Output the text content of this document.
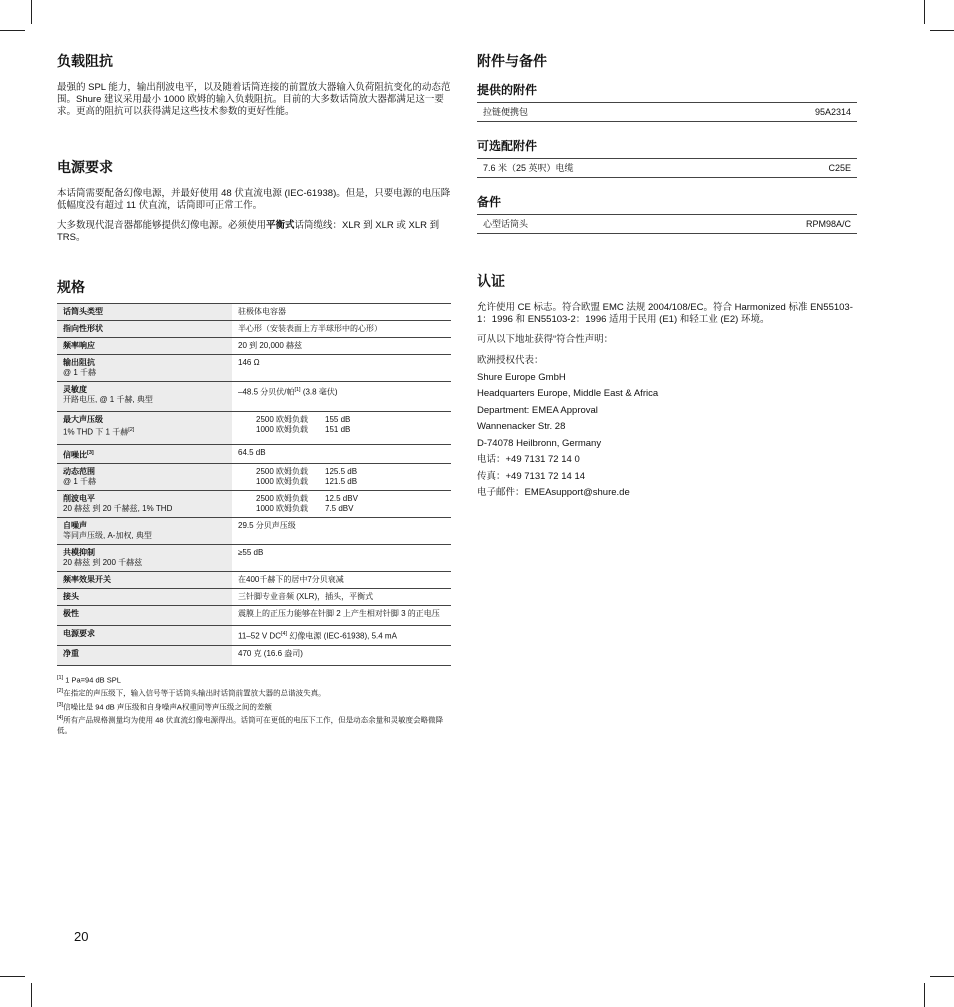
负载阻抗

最强的 SPL 能力，输出削波电平，以及随着话筒连接的前置放大器输入负荷阻抗变化的动态范围。Shure 建议采用最小 1000 欧姆的输入负载阻抗。目前的大多数话筒放大器都满足这一要求。更高的阻抗可以获得满足这些技术参数的更好性能。

电源要求

本话筒需要配备幻像电源，并最好使用 48 伏直流电源 (IEC-61938)。但是，只要电源的电压降低幅度没有超过 11 伏直流，话筒即可正常工作。

大多数现代混音器都能够提供幻像电源。必须使用平衡式话筒缆线：XLR 到 XLR 或 XLR 到 TRS。

规格
话筒头类型	驻极体电容器

指向性形状	半心形（安装表面上方半球形中的心形）

频率响应	20 到 20,000 赫兹

输出阻抗
@ 1 千赫	146 Ω

灵敏度
开路电压, @ 1 千赫, 典型	–48.5 分贝伏/帕[1] (3.8 毫伏)

最大声压级
1% THD 下 1 千赫[2]	2500 欧姆负载 155 dB
1000 欧姆负载 151 dB

信噪比[3]	64.5 dB

动态范围
@ 1 千赫	2500 欧姆负载 125.5 dB
1000 欧姆负载 121.5 dB

削波电平
20 赫兹 到 20 千赫兹, 1% THD	2500 欧姆负载 12.5 dBV
1000 欧姆负载 7.5 dBV

自噪声
等同声压级, A-加权, 典型	29.5 分贝声压级

共模抑制
20 赫兹 到 200 千赫兹	≥55 dB

频率效果开关	在400千赫下的居中7分贝衰减

接头	三针脚专业音频 (XLR)，插头，平衡式

极性	震膜上的正压力能够在针脚 2 上产生相对针脚 3 的正电压

电源要求	11–52 V DC[4] 幻像电源 (IEC-61938), 5.4 mA

净重	470 克 (16.6 盎司)
[1] 1 Pa=94 dB SPL
[2]在指定的声压级下，输入信号等于话筒头输出时话筒前置放大器的总谐波失真。
[3]信噪比是 94 dB 声压级和自身噪声A权重同等声压级之间的差额
[4]所有产品规格测量均为使用 48 伏直流幻像电源得出。话筒可在更低的电压下工作，但是动态余量和灵敏度会略微降低。
附件与备件
提供的附件
拉链便携包	95A2314
可选配附件
7.6 米（25 英呎）电缆	C25E
备件
心型话筒头	RPM98A/C
认证

允许使用 CE 标志。符合欧盟 EMC 法规 2004/108/EC。符合 Harmonized 标准 EN55103-1：1996 和 EN55103-2：1996 适用于民用 (E1) 和轻工业 (E2) 环境。

可从以下地址获得“符合性声明：

欧洲授权代表：
Shure Europe GmbH
Headquarters Europe, Middle East & Africa
Department: EMEA Approval
Wannenacker Str. 28
D-74078 Heilbronn, Germany
电话：+49 7131 72 14 0
传真：+49 7131 72 14 14
电子邮件：EMEAsupport@shure.de
20
